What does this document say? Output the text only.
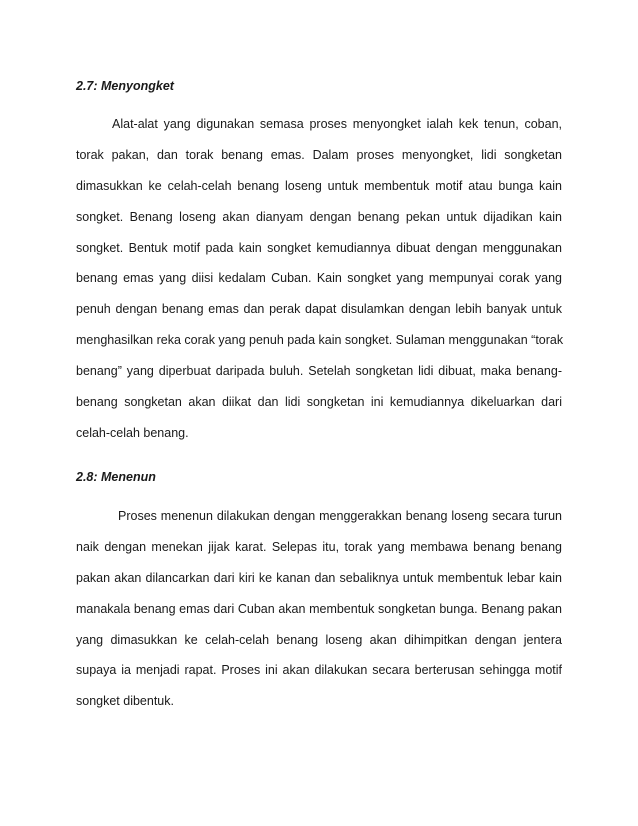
2.7: Menyongket
Alat-alat yang digunakan semasa proses menyongket ialah kek tenun, coban,
torak pakan, dan torak benang emas. Dalam proses menyongket, lidi songketan
dimasukkan ke celah-celah benang loseng untuk membentuk motif atau bunga kain
songket. Benang loseng akan dianyam dengan benang pekan untuk dijadikan kain
songket. Bentuk motif pada kain songket kemudiannya dibuat dengan menggunakan
benang emas yang diisi kedalam Cuban. Kain songket yang mempunyai corak yang
penuh dengan benang emas dan perak dapat disulamkan dengan lebih banyak untuk
menghasilkan reka corak yang penuh pada kain songket. Sulaman menggunakan “torak
benang” yang diperbuat daripada buluh. Setelah songketan lidi dibuat, maka benang-
benang songketan akan diikat dan lidi songketan ini kemudiannya dikeluarkan dari
celah-celah benang.
2.8: Menenun
Proses menenun dilakukan dengan menggerakkan benang loseng secara turun
naik dengan menekan jijak karat. Selepas itu, torak yang membawa benang benang
pakan akan dilancarkan dari kiri ke kanan dan sebaliknya untuk membentuk lebar kain
manakala benang emas dari Cuban akan membentuk songketan bunga. Benang pakan
yang dimasukkan ke celah-celah benang loseng akan dihimpitkan dengan jentera
supaya ia menjadi rapat. Proses ini akan dilakukan secara berterusan sehingga motif
songket dibentuk.
